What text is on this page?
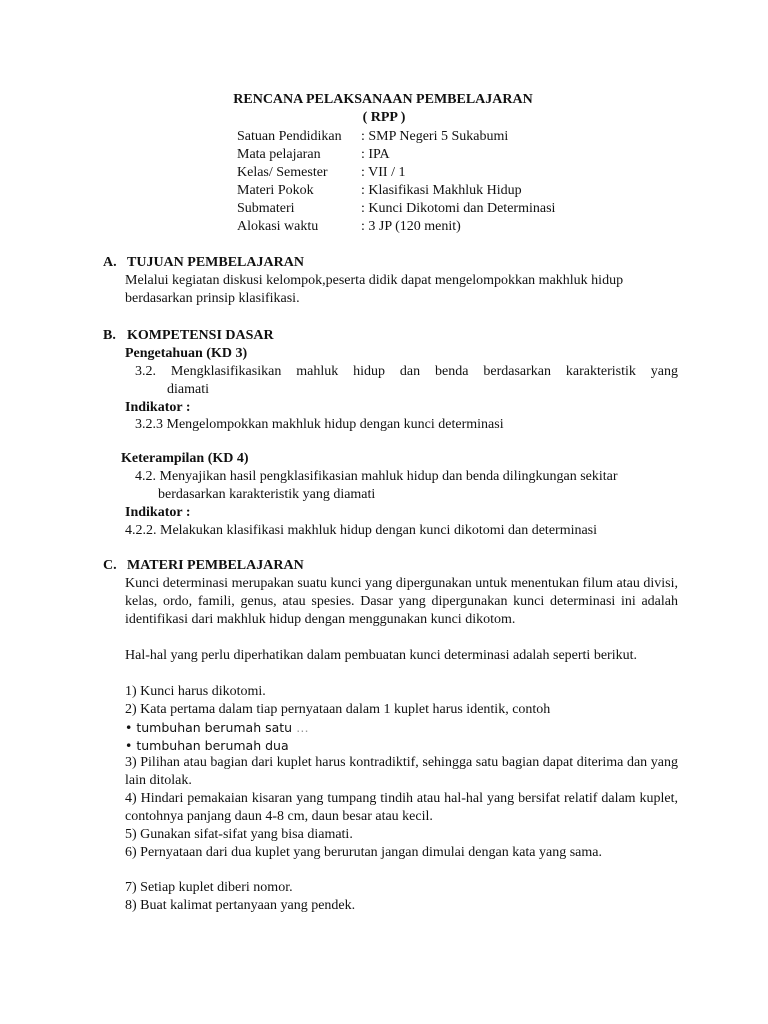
RENCANA PELAKSANAAN PEMBELAJARAN
( RPP )
Satuan Pendidikan : SMP Negeri 5 Sukabumi
Mata pelajaran	: IPA
Kelas/ Semester : VII / 1
Materi Pokok	: Klasifikasi Makhluk Hidup
Submateri	: Kunci Dikotomi dan Determinasi
Alokasi waktu	: 3 JP (120 menit)
A. TUJUAN PEMBELAJARAN
Melalui kegiatan diskusi kelompok,peserta didik dapat mengelompokkan makhluk hidup
berdasarkan prinsip klasifikasi.
B. KOMPETENSI DASAR
Pengetahuan (KD 3)
3.2. Mengklasifikasikan mahluk hidup dan benda berdasarkan karakteristik yang
diamati
Indikator :
3.2.3 Mengelompokkan makhluk hidup dengan kunci determinasi
Keterampilan (KD 4)
4.2. Menyajikan hasil pengklasifikasian mahluk hidup dan benda dilingkungan sekitar
berdasarkan karakteristik yang diamati
Indikator :
4.2.2. Melakukan klasifikasi makhluk hidup dengan kunci dikotomi dan determinasi
C. MATERI PEMBELAJARAN
Kunci determinasi merupakan suatu kunci yang dipergunakan untuk menentukan filum atau divisi, kelas, ordo, famili, genus, atau spesies. Dasar yang dipergunakan kunci determinasi ini adalah identifikasi dari makhluk hidup dengan menggunakan kunci dikotom.
Hal-hal yang perlu diperhatikan dalam pembuatan kunci determinasi adalah seperti berikut.
1) Kunci harus dikotomi.
2) Kata pertama dalam tiap pernyataan dalam 1 kuplet harus identik, contoh
• tumbuhan berumah satu …
• tumbuhan berumah dua
3) Pilihan atau bagian dari kuplet harus kontradiktif, sehingga satu bagian dapat diterima dan yang lain ditolak.
4) Hindari pemakaian kisaran yang tumpang tindih atau hal-hal yang bersifat relatif dalam kuplet, contohnya panjang daun 4-8 cm, daun besar atau kecil.
5) Gunakan sifat-sifat yang bisa diamati.
6) Pernyataan dari dua kuplet yang berurutan jangan dimulai dengan kata yang sama.
7) Setiap kuplet diberi nomor.
8) Buat kalimat pertanyaan yang pendek.
